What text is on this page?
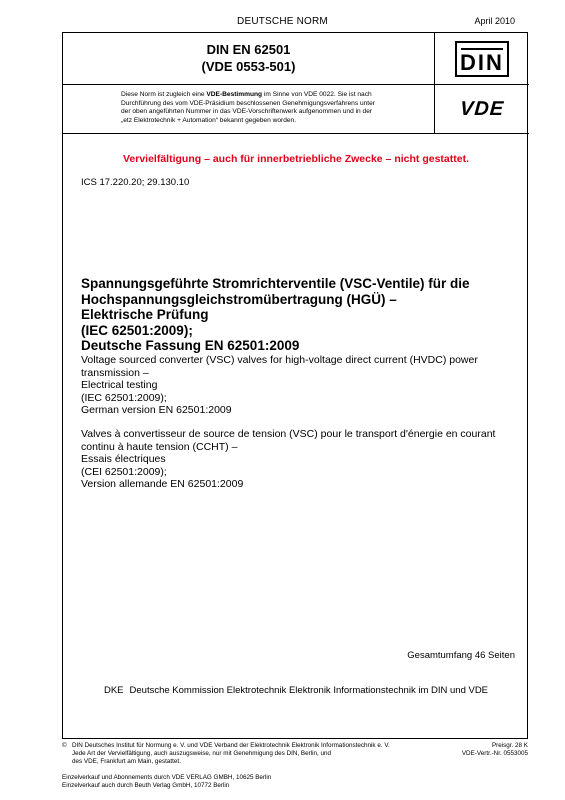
DEUTSCHE NORM	April 2010
DIN EN 62501
(VDE 0553-501)	DIN
Diese Norm ist zugleich eine VDE-Bestimmung im Sinne von VDE 0022. Sie ist nach
Durchführung des vom VDE-Präsidium beschlossenen Genehmigungsverfahrens unter
der oben angeführten Nummer in das VDE-Vorschriftenwerk aufgenommen und in der
„etz Elektrotechnik + Automation“ bekannt gegeben worden.
VDE
Vervielfältigung – auch für innerbetriebliche Zwecke – nicht gestattet.
ICS 17.220.20; 29.130.10
Spannungsgeführte Stromrichterventile (VSC-Ventile) für die
Hochspannungsgleichstromübertragung (HGÜ) –
Elektrische Prüfung
(IEC 62501:2009);
Deutsche Fassung EN 62501:2009
Voltage sourced converter (VSC) valves for high-voltage direct current (HVDC) power
transmission –
Electrical testing
(IEC 62501:2009);
German version EN 62501:2009
Valves à convertisseur de source de tension (VSC) pour le transport d'énergie en courant
continu à haute tension (CCHT) –
Essais électriques
(CEI 62501:2009);
Version allemande EN 62501:2009
Gesamtumfang 46 Seiten
DKE Deutsche Kommission Elektrotechnik Elektronik Informationstechnik im DIN und VDE
© DIN Deutsches Institut für Normung e. V. und VDE Verband der Elektrotechnik Elektronik Informationstechnik e. V.
Jede Art der Vervielfältigung, auch auszugsweise, nur mit Genehmigung des DIN, Berlin, und
des VDE, Frankfurt am Main, gestattet.
Preisgr. 28 K
VDE-Vertr.-Nr. 0553005
Einzelverkauf und Abonnements durch VDE VERLAG GMBH, 10625 Berlin
Einzelverkauf auch durch Beuth Verlag GmbH, 10772 Berlin
